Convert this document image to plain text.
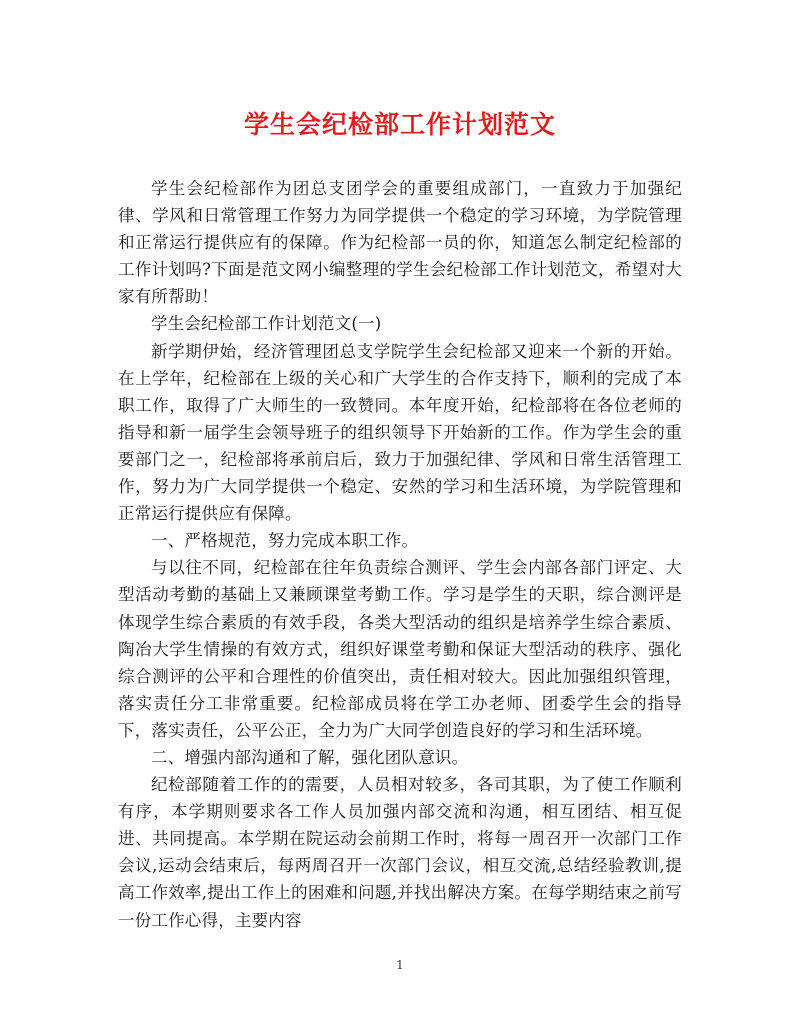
学生会纪检部工作计划范文

学生会纪检部作为团总支团学会的重要组成部门，一直致力于加强纪律、学风和日常管理工作努力为同学提供一个稳定的学习环境，为学院管理和正常运行提供应有的保障。作为纪检部一员的你，知道怎么制定纪检部的工作计划吗?下面是范文网小编整理的学生会纪检部工作计划范文，希望对大家有所帮助！

学生会纪检部工作计划范文(一)

新学期伊始，经济管理团总支学院学生会纪检部又迎来一个新的开始。在上学年，纪检部在上级的关心和广大学生的合作支持下，顺利的完成了本职工作，取得了广大师生的一致赞同。本年度开始，纪检部将在各位老师的指导和新一届学生会领导班子的组织领导下开始新的工作。作为学生会的重要部门之一，纪检部将承前启后，致力于加强纪律、学风和日常生活管理工作，努力为广大同学提供一个稳定、安然的学习和生活环境，为学院管理和正常运行提供应有保障。

一、严格规范，努力完成本职工作。

与以往不同，纪检部在往年负责综合测评、学生会内部各部门评定、大型活动考勤的基础上又兼顾课堂考勤工作。学习是学生的天职，综合测评是体现学生综合素质的有效手段，各类大型活动的组织是培养学生综合素质、陶冶大学生情操的有效方式，组织好课堂考勤和保证大型活动的秩序、强化综合测评的公平和合理性的价值突出，责任相对较大。因此加强组织管理，落实责任分工非常重要。纪检部成员将在学工办老师、团委学生会的指导下，落实责任，公平公正，全力为广大同学创造良好的学习和生活环境。

二、增强内部沟通和了解，强化团队意识。

纪检部随着工作的的需要，人员相对较多，各司其职，为了使工作顺利有序，本学期则要求各工作人员加强内部交流和沟通，相互团结、相互促进、共同提高。本学期在院运动会前期工作时，将每一周召开一次部门工作会议,运动会结束后，每两周召开一次部门会议，相互交流,总结经验教训,提高工作效率,提出工作上的困难和问题,并找出解决方案。在每学期结束之前写一份工作心得，主要内容

1
